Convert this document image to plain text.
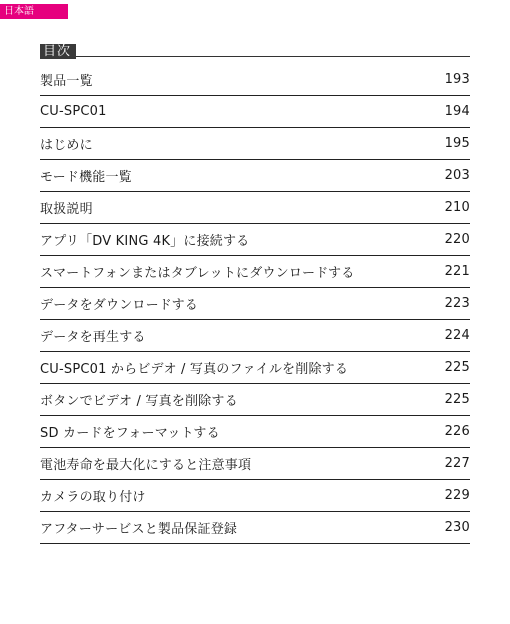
日本語
目次
製品一覧	193
CU-SPC01	194
はじめに	195
モード機能一覧	203
取扱説明	210
アプリ「DV KING 4K」に接続する	220
スマートフォンまたはタブレットにダウンロードする	221
データをダウンロードする	223
データを再生する	224
CU-SPC01 からビデオ / 写真のファイルを削除する	225
ボタンでビデオ / 写真を削除する	225
SD カードをフォーマットする	226
電池寿命を最大化にすると注意事項	227
カメラの取り付け	229
アフターサービスと製品保証登録	230
